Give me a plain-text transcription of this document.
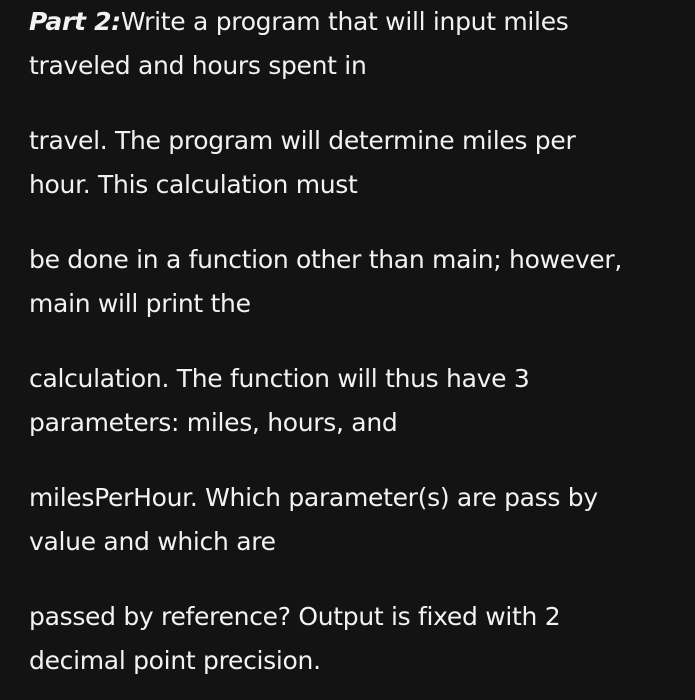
Part 2:Write a program that will input miles
traveled and hours spent in

travel. The program will determine miles per
hour. This calculation must

be done in a function other than main; however,
main will print the

calculation. The function will thus have 3
parameters: miles, hours, and

milesPerHour. Which parameter(s) are pass by
value and which are

passed by reference? Output is fixed with 2
decimal point precision.
